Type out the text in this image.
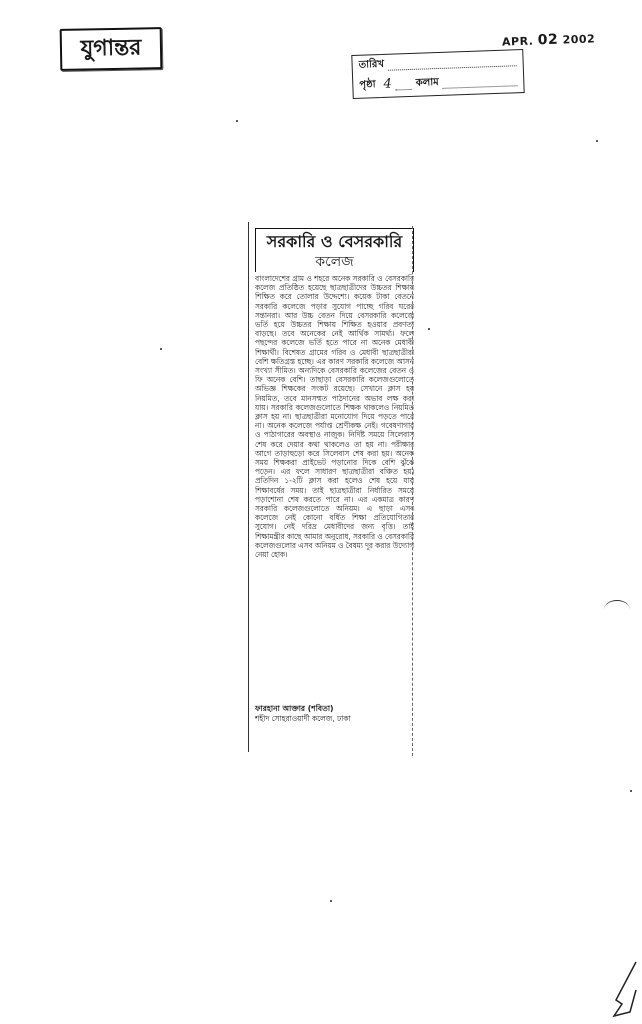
যুগান্তর	APR. 02 2002
তারিখ
পৃষ্ঠা 4 কলাম
সরকারি ও বেসরকারি
কলেজ
বাংলাদেশের গ্রাম ও শহরে অনেক সরকারি ও বেসরকারি কলেজ প্রতিষ্ঠিত হয়েছে ছাত্রছাত্রীদের উচ্চতর শিক্ষায় শিক্ষিত করে তোলার উদ্দেশ্যে। কয়েক টাকা বেতনে সরকারি কলেজে পড়ার সুযোগ পাচ্ছে গরিব ঘরের সন্তানরা। আর উচ্চ বেতন দিয়ে বেসরকারি কলেজে ভর্তি হয়ে উচ্চতর শিক্ষায় শিক্ষিত হওয়ার প্রবণতা বাড়ছে। তবে অনেকের নেই আর্থিক সামর্থ্য। ফলে পছন্দের কলেজে ভর্তি হতে পারে না অনেক মেধাবী শিক্ষার্থী। বিশেষত গ্রামের গরিব ও মেধাবী ছাত্রছাত্রীরা বেশি ক্ষতিগ্রস্ত হচ্ছে। এর কারণ সরকারি কলেজে আসন সংখ্যা সীমিত। অন্যদিকে বেসরকারি কলেজের বেতন ও ফি অনেক বেশি। তাছাড়া বেসরকারি কলেজগুলোতে অভিজ্ঞ শিক্ষকের সংকট রয়েছে। সেখানে ক্লাস হয় নিয়মিত, তবে মানসম্মত পাঠদানের অভাব লক্ষ করা যায়। সরকারি কলেজগুলোতে শিক্ষক থাকলেও নিয়মিত ক্লাস হয় না। ছাত্রছাত্রীরা মনোযোগ দিয়ে পড়তে পারে না। অনেক কলেজে পর্যাপ্ত শ্রেণীকক্ষ নেই। গবেষণাগার ও পাঠাগারের অবস্থাও নাজুক। নির্দিষ্ট সময়ে সিলেবাস শেষ করে দেয়ার কথা থাকলেও তা হয় না। পরীক্ষার আগে তাড়াহুড়ো করে সিলেবাস শেষ করা হয়। অনেক সময় শিক্ষকরা প্রাইভেট পড়ানোর দিকে বেশি ঝুঁকে পড়েন। এর ফলে সাধারণ ছাত্রছাত্রীরা বঞ্চিত হয়। প্রতিদিন ১-২টি ক্লাস করা হলেও শেষ হয়ে যায় শিক্ষাবর্ষের সময়। তাই ছাত্রছাত্রীরা নির্ধারিত সময়ে পড়াশোনা শেষ করতে পারে না। এর একমাত্র কারণ সরকারি কলেজগুলোতে অনিয়ম। এ ছাড়া এসব কলেজে নেই কোনো বর্ধিত শিক্ষা প্রতিযোগিতার সুযোগ। নেই দরিদ্র মেধাবীদের জন্য বৃত্তি। তাই শিক্ষামন্ত্রীর কাছে আমার অনুরোধ, সরকারি ও বেসরকারি কলেজগুলোর এসব অনিয়ম ও বৈষম্য দূর করার উদ্যোগ নেয়া হোক।
ফারহানা আক্তার (শবিতা)
শহীদ সোহরাওয়ার্দী কলেজ, ঢাকা
